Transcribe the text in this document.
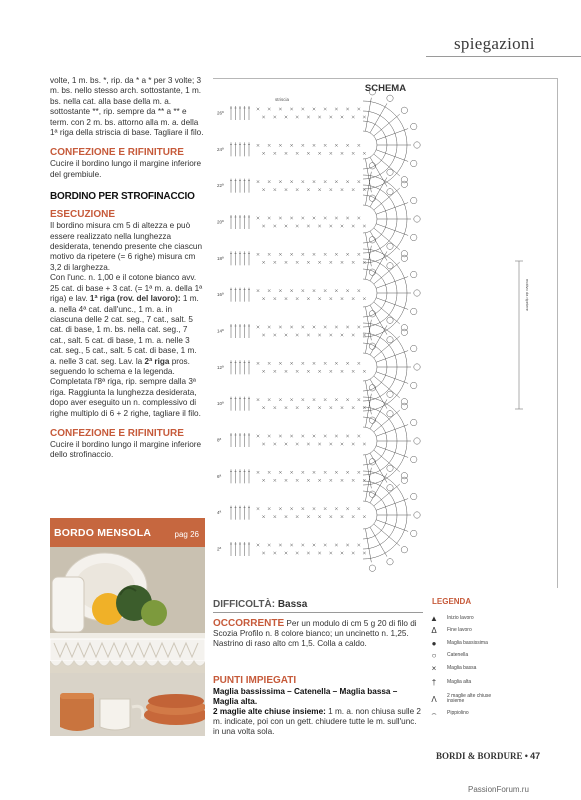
spiegazioni

volte, 1 m. bs. *, rip. da * a * per 3 volte; 3 m. bs. nello stesso arch. sottostante, 1 m. bs. nella cat. alla base della m. a. sottostante **, rip. sempre da ** a ** e term. con 2 m. bs. attorno alla m. a. della 1ª riga della striscia di base. Tagliare il filo.

CONFEZIONE E RIFINITURE

Cucire il bordino lungo il margine inferiore del grembiule.

BORDINO PER STROFINACCIO
ESECUZIONE

Il bordino misura cm 5 di altezza e può essere realizzato nella lunghezza desiderata, tenendo presente che ciascun motivo da ripetere (= 6 righe) misura cm 3,2 di larghezza.

Con l'unc. n. 1,00 e il cotone bianco avv. 25 cat. di base + 3 cat. (= 1ª m. a. della 1ª riga) e lav. 1ª riga (rov. del lavoro): 1 m. a. nella 4ª cat. dall'unc., 1 m. a. in ciascuna delle 2 cat. seg., 7 cat., salt. 5 cat. di base, 1 m. bs. nella cat. seg., 7 cat., salt. 5 cat. di base, 1 m. a. nelle 3 cat. seg., 5 cat., salt. 5 cat. di base, 1 m. a. nelle 3 cat. seg. Lav. la 2ª riga pros. seguendo lo schema e la legenda. Completata l'8ª riga, rip. sempre dalla 3ª riga. Raggiunta la lunghezza desiderata, dopo aver eseguito un n. complessivo di righe multiplo di 6 + 2 righe, tagliare il filo.

CONFEZIONE E RIFINITURE

Cucire il bordino lungo il margine inferiore dello strofinaccio.

BORDO MENSOLA	pag 26
SCHEMA
striscia
26ª
24ª
22ª
20ª
18ª
16ª
14ª
12ª
10ª
8ª
6ª
4ª
2ª
motivo da ripetere
DIFFICOLTÀ: Bassa
OCCORRENTE Per un modulo di cm 5 g 20 di filo di Scozia Profilo n. 8 colore bianco; un uncinetto n. 1,25. Nastrino di raso alto cm 1,5. Colla a caldo.
PUNTI IMPIEGATI
Maglia bassissima – Catenella – Maglia bassa – Maglia alta.
2 maglie alte chiuse insieme: 1 m. a. non chiusa sulle 2 m. indicate, poi con un gett. chiudere tutte le m. sull'unc. in una volta sola.
LEGENDA
▲	Inizio lavoro
Δ	Fine lavoro
●	Maglia bassissima
○	Catenella
×	Maglia bassa
†	Maglia alta
Λ	2 maglie alte chiuse insieme
⌢	Pippiolino
BORDI & BORDURE • 47
PassionForum.ru
